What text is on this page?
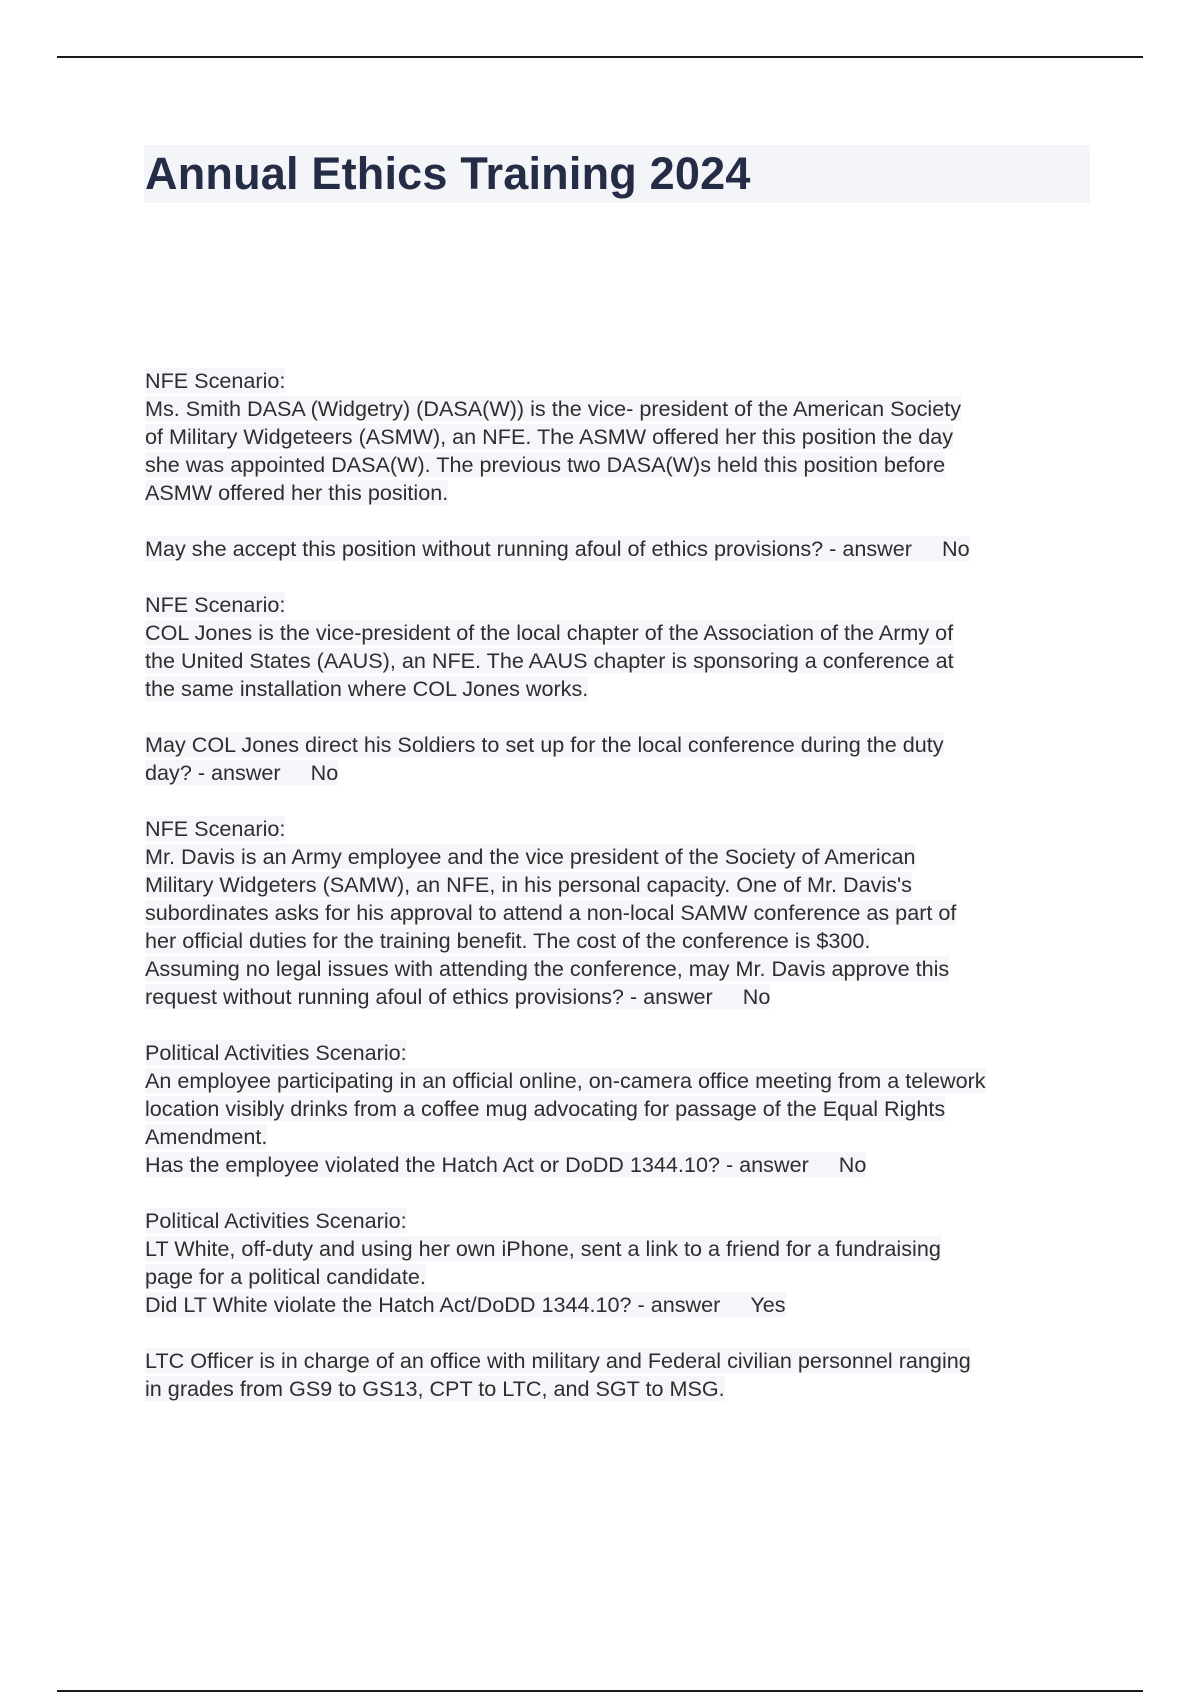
Annual Ethics Training 2024
NFE Scenario:
Ms. Smith DASA (Widgetry) (DASA(W)) is the vice- president of the American Society
of Military Widgeteers (ASMW), an NFE. The ASMW offered her this position the day
she was appointed DASA(W). The previous two DASA(W)s held this position before
ASMW offered her this position.
May she accept this position without running afoul of ethics provisions? - answer No
NFE Scenario:
COL Jones is the vice-president of the local chapter of the Association of the Army of
the United States (AAUS), an NFE. The AAUS chapter is sponsoring a conference at
the same installation where COL Jones works.
May COL Jones direct his Soldiers to set up for the local conference during the duty
day? - answer No
NFE Scenario:
Mr. Davis is an Army employee and the vice president of the Society of American
Military Widgeters (SAMW), an NFE, in his personal capacity. One of Mr. Davis's
subordinates asks for his approval to attend a non-local SAMW conference as part of
her official duties for the training benefit. The cost of the conference is $300.
Assuming no legal issues with attending the conference, may Mr. Davis approve this
request without running afoul of ethics provisions? - answer No
Political Activities Scenario:
An employee participating in an official online, on-camera office meeting from a telework
location visibly drinks from a coffee mug advocating for passage of the Equal Rights
Amendment.
Has the employee violated the Hatch Act or DoDD 1344.10? - answer No
Political Activities Scenario:
LT White, off-duty and using her own iPhone, sent a link to a friend for a fundraising
page for a political candidate.
Did LT White violate the Hatch Act/DoDD 1344.10? - answer Yes
LTC Officer is in charge of an office with military and Federal civilian personnel ranging
in grades from GS9 to GS13, CPT to LTC, and SGT to MSG.
